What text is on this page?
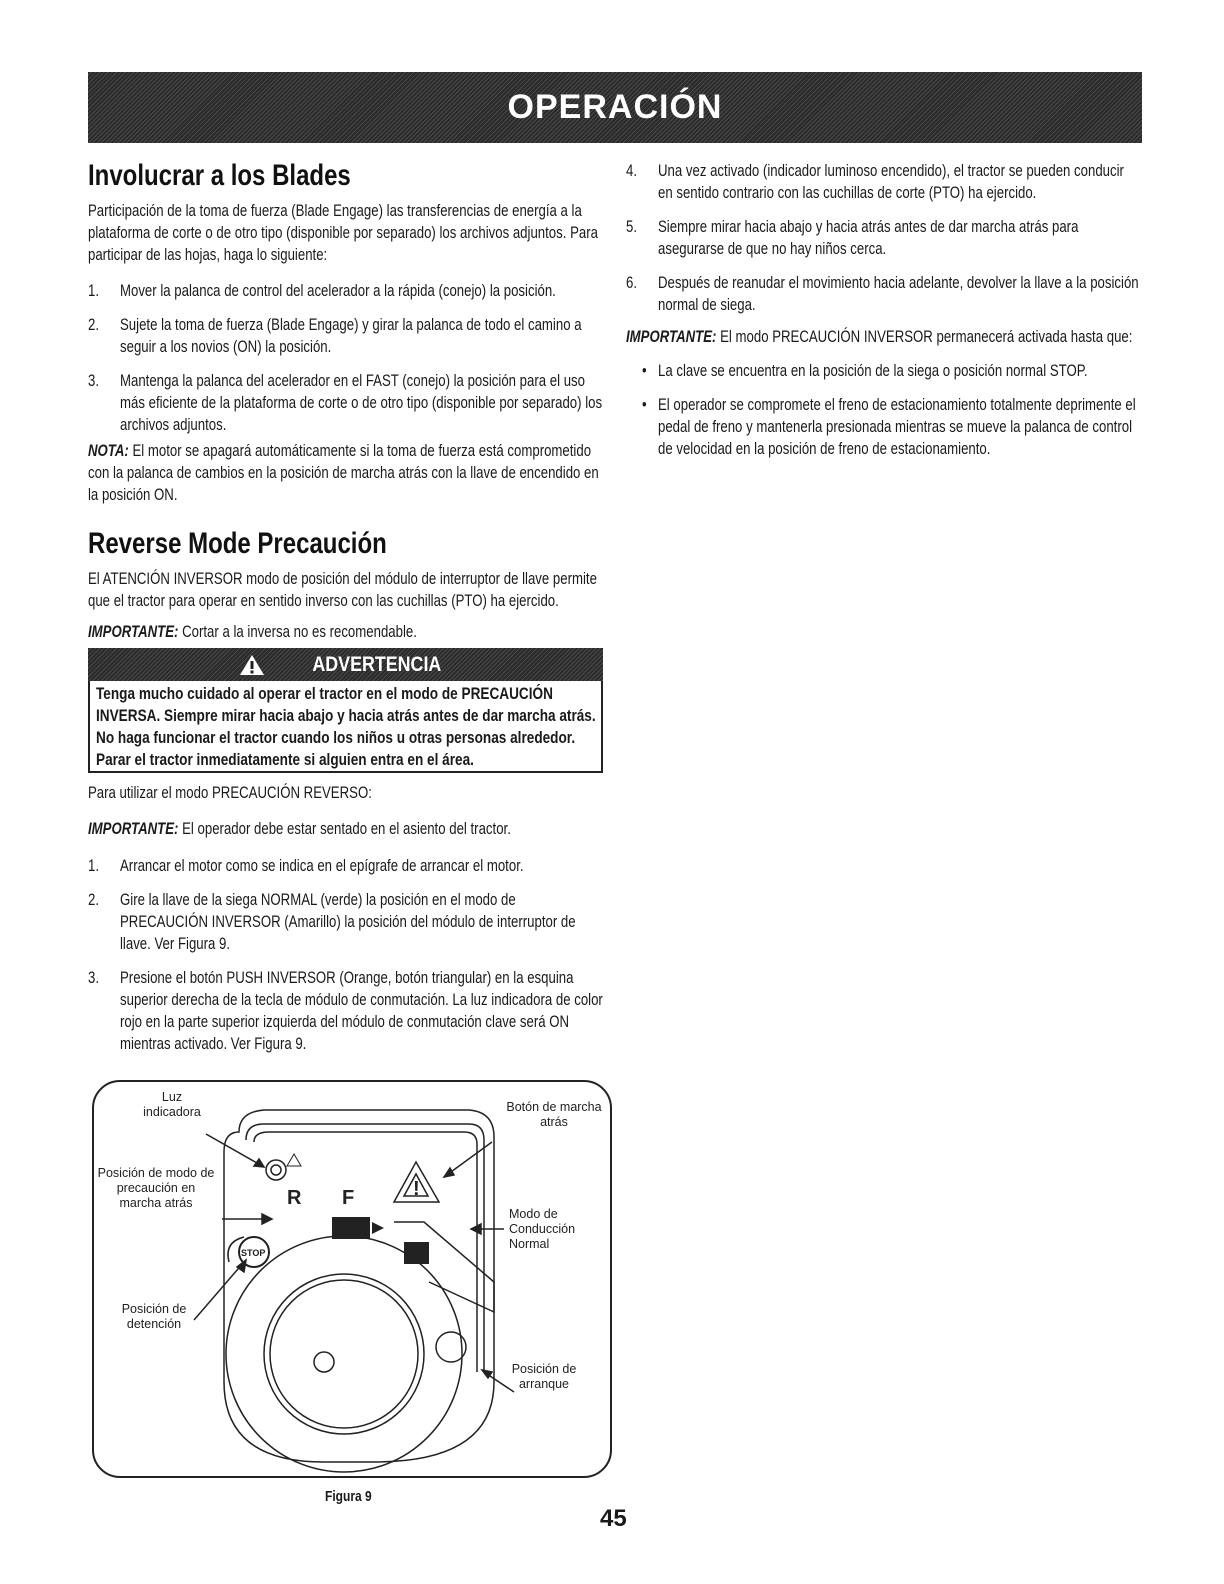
OPERACIÓN
Involucrar a los Blades

Participación de la toma de fuerza (Blade Engage) las transferencias de energía a la plataforma de corte o de otro tipo (disponible por separado) los archivos adjuntos. Para participar de las hojas, haga lo siguiente:

1.	Mover la palanca de control del acelerador a la rápida (conejo) la posición.
2.	Sujete la toma de fuerza (Blade Engage) y girar la palanca de todo el camino a seguir a los novios (ON) la posición.
3.	Mantenga la palanca del acelerador en el FAST (conejo) la posición para el uso más eficiente de la plataforma de corte o de otro tipo (disponible por separado) los archivos adjuntos.

NOTA: El motor se apagará automáticamente si la toma de fuerza está comprometido con la palanca de cambios en la posición de marcha atrás con la llave de encendido en la posición ON.

Reverse Mode Precaución

El ATENCIÓN INVERSOR modo de posición del módulo de interruptor de llave permite que el tractor para operar en sentido inverso con las cuchillas (PTO) ha ejercido.

IMPORTANTE: Cortar a la inversa no es recomendable.

ADVERTENCIA
Tenga mucho cuidado al operar el tractor en el modo de PRECAUCIÓN
INVERSA. Siempre mirar hacia abajo y hacia atrás antes de dar marcha atrás.
No haga funcionar el tractor cuando los niños u otras personas alrededor.
Parar el tractor inmediatamente si alguien entra en el área.

Para utilizar el modo PRECAUCIÓN REVERSO:

IMPORTANTE: El operador debe estar sentado en el asiento del tractor.

1.	Arrancar el motor como se indica en el epígrafe de arrancar el motor.
2.	Gire la llave de la siega NORMAL (verde) la posición en el modo de PRECAUCIÓN INVERSOR (Amarillo) la posición del módulo de interruptor de llave. Ver Figura 9.
3.	Presione el botón PUSH INVERSOR (Orange, botón triangular) en la esquina superior derecha de la tecla de módulo de conmutación. La luz indicadora de color rojo en la parte superior izquierda del módulo de conmutación clave será ON mientras activado. Ver Figura 9.
!
R F
STOP
Luz indicadora
Posición de modo de precaución en marcha atrás
Posición de detención
Botón de marcha atrás
Modo de Conducción Normal
Posición de arranque
Figura 9
4.	Una vez activado (indicador luminoso encendido), el tractor se pueden conducir en sentido contrario con las cuchillas de corte (PTO) ha ejercido.
5.	Siempre mirar hacia abajo y hacia atrás antes de dar marcha atrás para asegurarse de que no hay niños cerca.
6.	Después de reanudar el movimiento hacia adelante, devolver la llave a la posición normal de siega.

IMPORTANTE: El modo PRECAUCIÓN INVERSOR permanecerá activada hasta que:

• La clave se encuentra en la posición de la siega o posición normal STOP.
• El operador se compromete el freno de estacionamiento totalmente deprimente el pedal de freno y mantenerla presionada mientras se mueve la palanca de control de velocidad en la posición de freno de estacionamiento.
45
